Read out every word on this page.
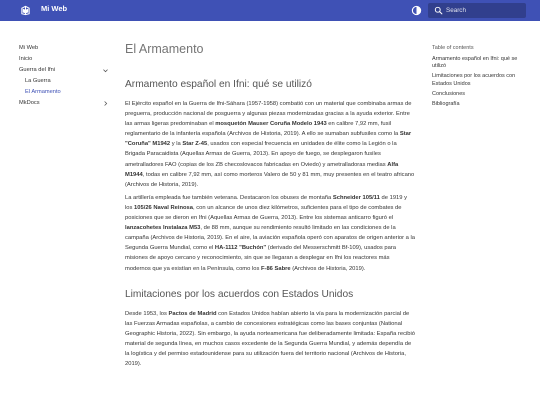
Mi Web
Search
Mi Web
Inicio
Guerra del Ifni
La Guerra
El Armamento
MkDocs
El Armamento
Armamento español en Ifni: qué se utilizó

El Ejército español en la Guerra de Ifni-Sáhara (1957-1958) combatió con un material que combinaba armas de preguerra, producción nacional de posguerra y algunas piezas modernizadas gracias a la ayuda exterior. Entre las armas ligeras predominaban el mosquetón Mauser Coruña Modelo 1943 en calibre 7,92 mm, fusil reglamentario de la infantería española (Archivos de Historia, 2019). A ello se sumaban subfusiles como la Star "Coruña" M1942 y la Star Z-45, usados con especial frecuencia en unidades de élite como la Legión o la Brigada Paracaidista (Aquellas Armas de Guerra, 2013). En apoyo de fuego, se desplegaron fusiles ametralladores FAO (copias de los ZB checoslovacos fabricadas en Oviedo) y ametralladoras medias Alfa M1944, todas en calibre 7,92 mm, así como morteros Valero de 50 y 81 mm, muy presentes en el teatro africano (Archivos de Historia, 2019).

La artillería empleada fue también veterana. Destacaron los obuses de montaña Schneider 105/11 de 1919 y los 105/26 Naval Reinosa, con un alcance de unos diez kilómetros, suficientes para el tipo de combates de posiciones que se dieron en Ifni (Aquellas Armas de Guerra, 2013). Entre los sistemas anticarro figuró el lanzacohetes Instalaza M53, de 88 mm, aunque su rendimiento resultó limitado en las condiciones de la campaña (Archivos de Historia, 2019). En el aire, la aviación española operó con aparatos de origen anterior a la Segunda Guerra Mundial, como el HA-1112 "Buchón" (derivado del Messerschmitt Bf-109), usados para misiones de apoyo cercano y reconocimiento, sin que se llegaran a desplegar en Ifni los reactores más modernos que ya existían en la Península, como los F-86 Sabre (Archivos de Historia, 2019).

Limitaciones por los acuerdos con Estados Unidos

Desde 1953, los Pactos de Madrid con Estados Unidos habían abierto la vía para la modernización parcial de las Fuerzas Armadas españolas, a cambio de concesiones estratégicas como las bases conjuntas (National Geographic Historia, 2022). Sin embargo, la ayuda norteamericana fue deliberadamente limitada: España recibió material de segunda línea, en muchos casos excedente de la Segunda Guerra Mundial, y además dependía de la logística y del permiso estadounidense para su utilización fuera del territorio nacional (Archivos de Historia, 2019).

Table of contents
Armamento español en Ifni: qué se utilizó
Limitaciones por los acuerdos con Estados Unidos
Conclusiones
Bibliografía
